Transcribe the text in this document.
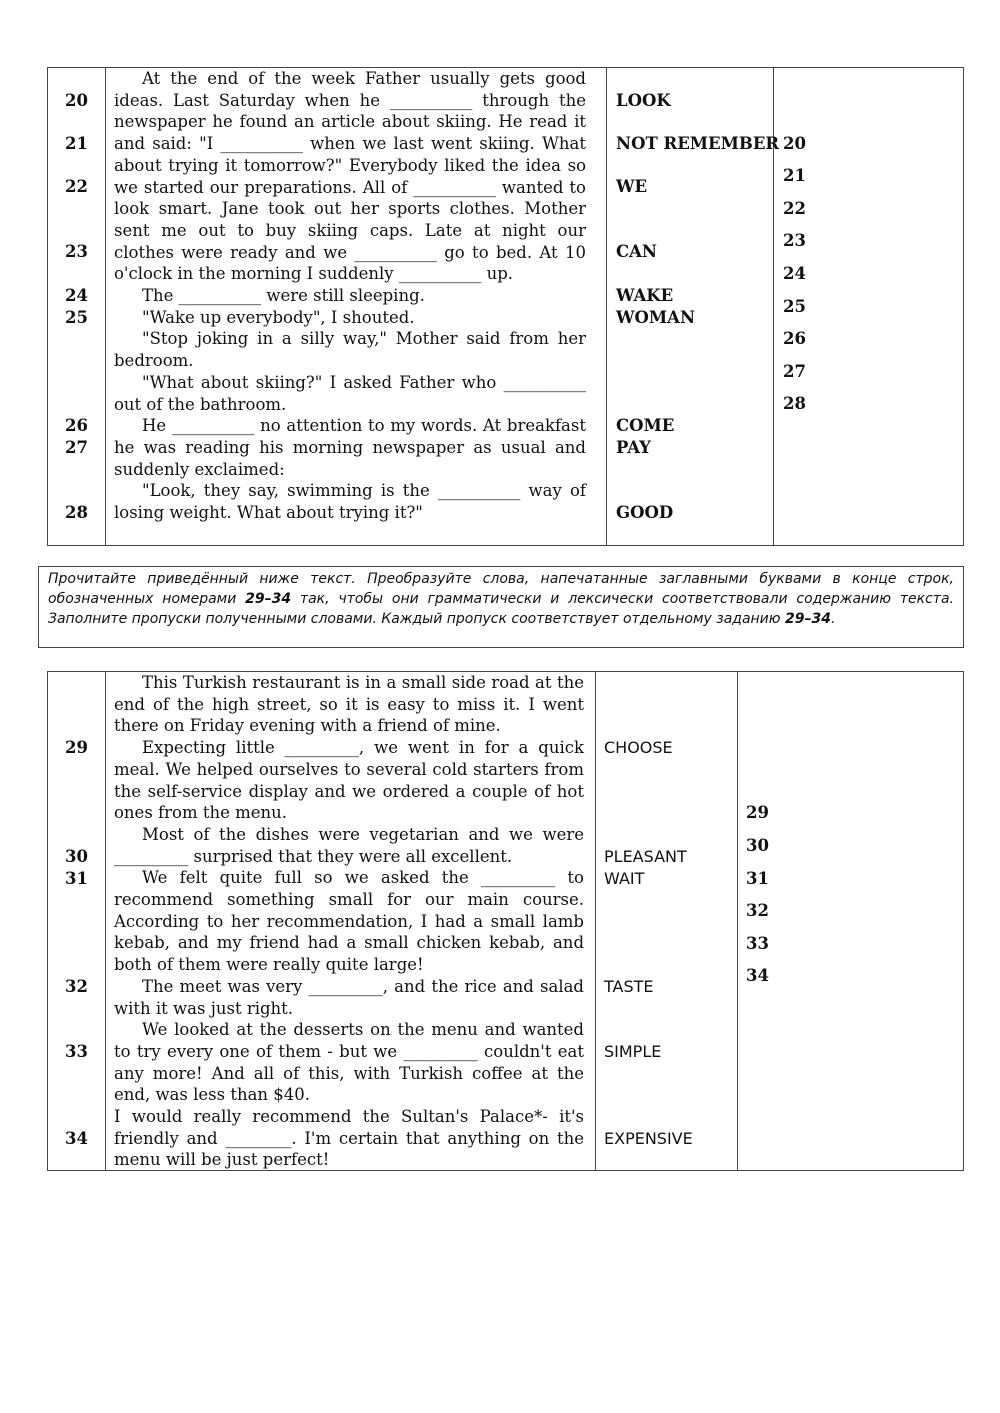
20
21
22
23
24
25
26
27
28

At the end of the week Father usually gets good ideas. Last Saturday when he __________ through the newspaper he found an article about skiing. He read it and said: "I __________ when we last went skiing. What about trying it tomorrow?" Everybody liked the idea so we started our preparations. All of __________ wanted to look smart. Jane took out her sports clothes. Mother sent me out to buy skiing caps. Late at night our clothes were ready and we __________ go to bed. At 10 o'clock in the morning I suddenly __________ up.

The __________ were still sleeping.

"Wake up everybody", I shouted.

"Stop joking in a silly way," Mother said from her bedroom.

"What about skiing?" I asked Father who __________ out of the bathroom.

He __________ no attention to my words. At breakfast he was reading his morning newspaper as usual and suddenly exclaimed:

"Look, they say, swimming is the __________ way of losing weight. What about trying it?"

LOOK
NOT REMEMBER
WE
CAN
WAKE
WOMAN
COME
PAY
GOOD
20
21
22
23
24
25
26
27
28
Прочитайте приведённый ниже текст. Преобразуйте слова, напечатанные заглавными буквами в конце строк, обозначенных номерами 29–34 так, чтобы они грамматически и лексически соответствовали содержанию текста. Заполните пропуски полученными словами. Каждый пропуск соответствует отдельному заданию 29–34.
29
30
31
32
33
34

This Turkish restaurant is in a small side road at the end of the high street, so it is easy to miss it. I went there on Friday evening with a friend of mine.

Expecting little _________, we went in for a quick meal. We helped ourselves to several cold starters from the self-service display and we ordered a couple of hot ones from the menu.

Most of the dishes were vegetarian and we were _________ surprised that they were all excellent.

We felt quite full so we asked the _________ to recommend something small for our main course. According to her recommendation, I had a small lamb kebab, and my friend had a small chicken kebab, and both of them were really quite large!

The meet was very _________, and the rice and salad with it was just right.

We looked at the desserts on the menu and wanted to try every one of them - but we _________ couldn't eat any more! And all of this, with Turkish coffee at the end, was less than $40.

I would really recommend the Sultan's Palace*- it's friendly and ________. I'm certain that anything on the menu will be just perfect!

CHOOSE
PLEASANT
WAIT
TASTE
SIMPLE
EXPENSIVE
29
30
31
32
33
34
